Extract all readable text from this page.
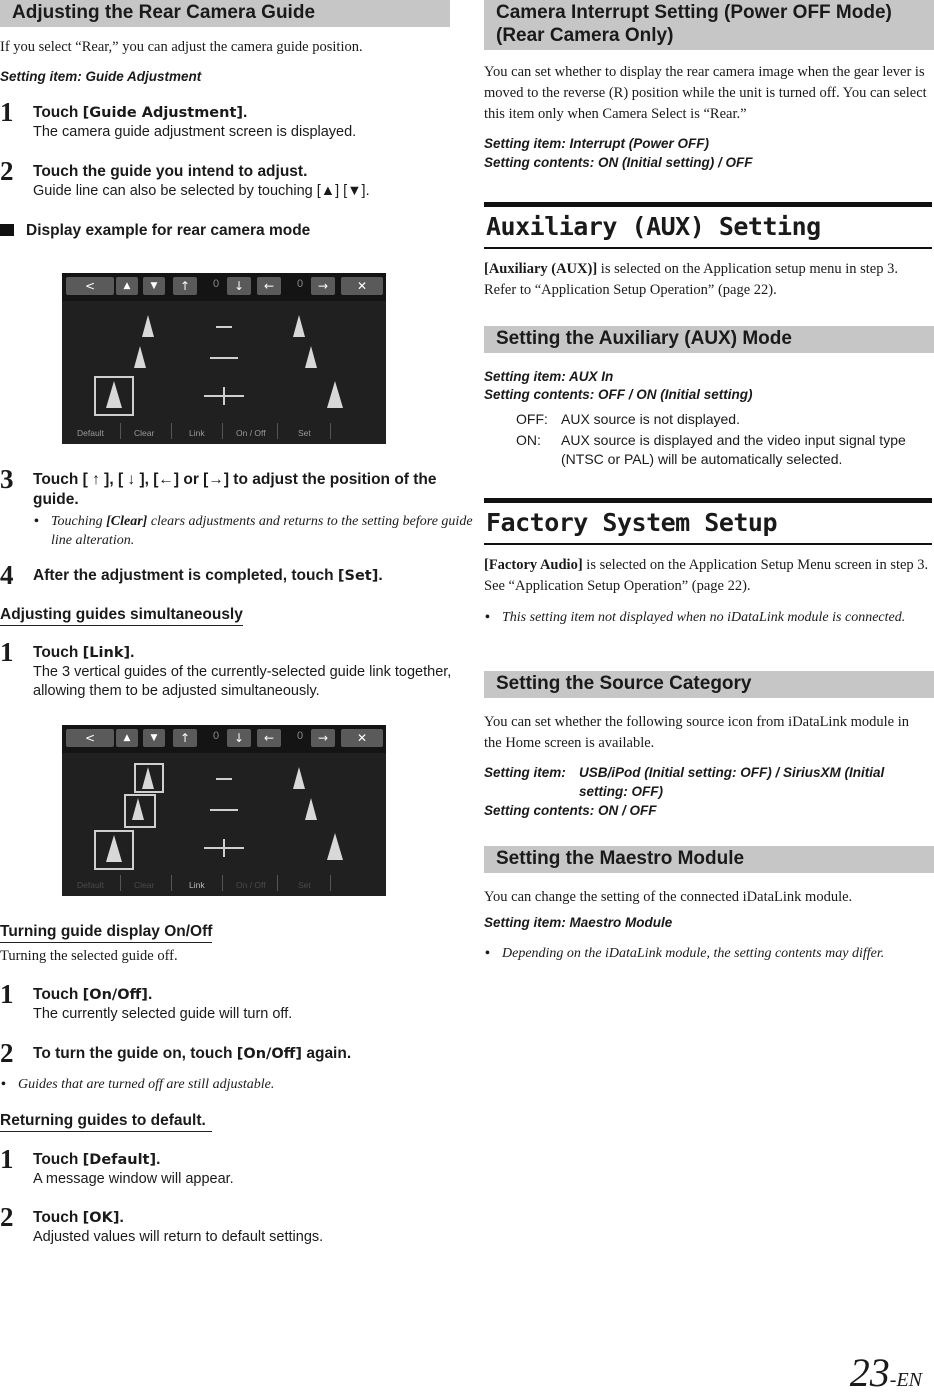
Adjusting the Rear Camera Guide
If you select “Rear,” you can adjust the camera guide position.
Setting item: Guide Adjustment
1 Touch [Guide Adjustment].
The camera guide adjustment screen is displayed.
2 Touch the guide you intend to adjust.
Guide line can also be selected by touching [▲] [▼].
Display example for rear camera mode
<	▲	▼	↑	0	↓	←	0	→	✕
Default	Clear	Link	On / Off	Set
3 Touch [ ↑ ], [ ↓ ], [←] or [→] to adjust the position of the guide.
• Touching [Clear] clears adjustments and returns to the setting before guide line alteration.
4 After the adjustment is completed, touch [Set].
Adjusting guides simultaneously
1 Touch [Link].
The 3 vertical guides of the currently-selected guide link together, allowing them to be adjusted simultaneously.
<	▲	▼	↑	0	↓	←	0	→	✕
Default	Clear	Link	On / Off	Set
Turning guide display On/Off
Turning the selected guide off.
1 Touch [On/Off].
The currently selected guide will turn off.
2 To turn the guide on, touch [On/Off] again.
• Guides that are turned off are still adjustable.
Returning guides to default.
1 Touch [Default].
A message window will appear.
2 Touch [OK].
Adjusted values will return to default settings.
Camera Interrupt Setting (Power OFF Mode) (Rear Camera Only)
You can set whether to display the rear camera image when the gear lever is moved to the reverse (R) position while the unit is turned off. You can select this item only when Camera Select is “Rear.”
Setting item: Interrupt (Power OFF)
Setting contents: ON (Initial setting) / OFF
Auxiliary (AUX) Setting
[Auxiliary (AUX)] is selected on the Application setup menu in step 3. Refer to “Application Setup Operation” (page 22).
Setting the Auxiliary (AUX) Mode
Setting item: AUX In
Setting contents: OFF / ON (Initial setting)
OFF: AUX source is not displayed.
ON:	AUX source is displayed and the video input signal type (NTSC or PAL) will be automatically selected.
Factory System Setup
[Factory Audio] is selected on the Application Setup Menu screen in step 3. See “Application Setup Operation” (page 22).
• This setting item not displayed when no iDataLink module is connected.
Setting the Source Category
You can set whether the following source icon from iDataLink module in the Home screen is available.
Setting item: USB/iPod (Initial setting: OFF) / SiriusXM (Initial setting: OFF)
Setting contents: ON / OFF
Setting the Maestro Module
You can change the setting of the connected iDataLink module.
Setting item: Maestro Module
• Depending on the iDataLink module, the setting contents may differ.
23-EN
